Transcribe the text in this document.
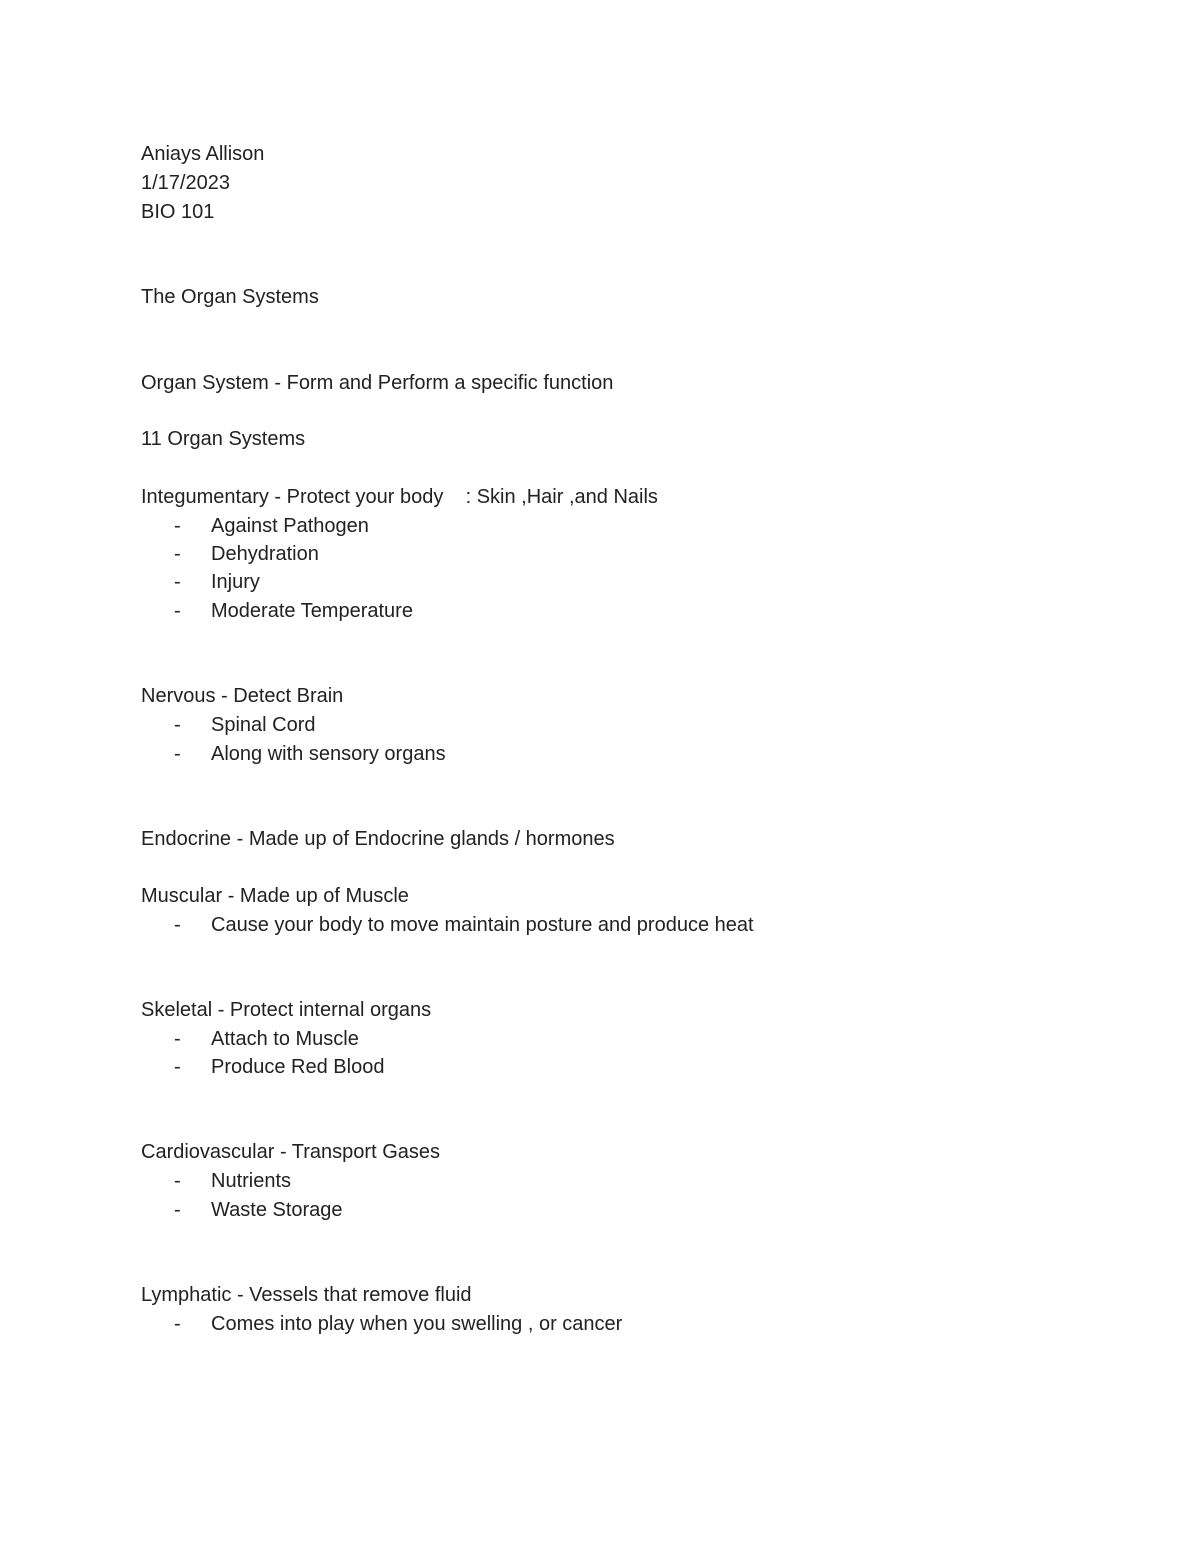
Aniays Allison
1/17/2023
BIO 101
The Organ Systems
Organ System - Form and Perform a specific function
11 Organ Systems
Integumentary - Protect your body    : Skin ,Hair ,and Nails
- Against Pathogen
- Dehydration
- Injury
- Moderate Temperature
Nervous - Detect Brain
- Spinal Cord
- Along with sensory organs
Endocrine - Made up of Endocrine glands / hormones
Muscular - Made up of Muscle
- Cause your body to move maintain posture and produce heat
Skeletal - Protect internal organs
- Attach to Muscle
- Produce Red Blood
Cardiovascular - Transport Gases
- Nutrients
- Waste Storage
Lymphatic - Vessels that remove fluid
- Comes into play when you swelling , or cancer
